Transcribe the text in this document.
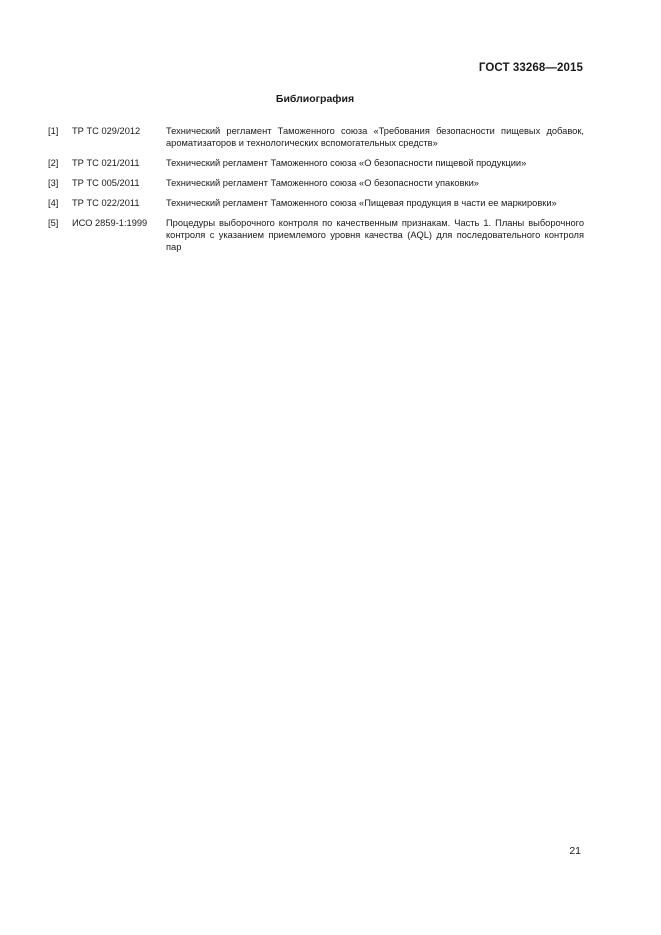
ГОСТ 33268—2015
Библиография
[1]	ТР ТС 029/2012	Технический регламент Таможенного союза «Требования безопасности пищевых добавок, ароматизаторов и технологических вспомогательных средств»
[2]	ТР ТС 021/2011	Технический регламент Таможенного союза «О безопасности пищевой продукции»
[3]	ТР ТС 005/2011	Технический регламент Таможенного союза «О безопасности упаковки»
[4]	ТР ТС 022/2011	Технический регламент Таможенного союза «Пищевая продукция в части ее маркировки»
[5]	ИСО 2859-1:1999	Процедуры выборочного контроля по качественным признакам. Часть 1. Планы выборочного контроля с указанием приемлемого уровня качества (AQL) для последовательного контроля пар
21
